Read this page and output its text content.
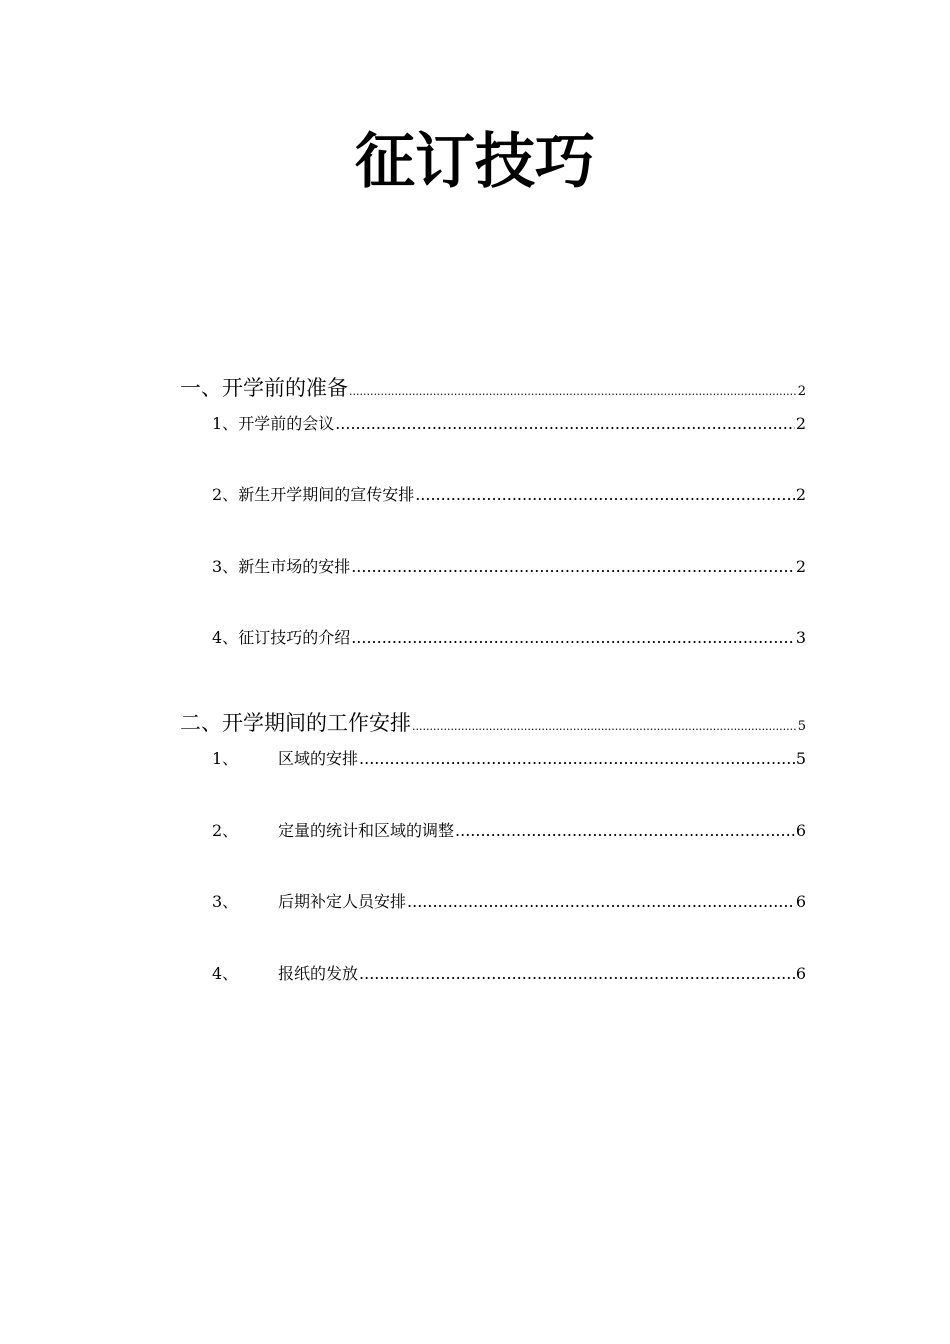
征订技巧
一、开学前的准备 .....	2
1、 开学前的会议 .....	2
2、 新生开学期间的宣传安排 .....	2
3、 新生市场的安排 .....	2
4、 征订技巧的介绍 .....	3
二、开学期间的工作安排 .....	5
1、	区域的安排 .....	5
2、	定量的统计和区域的调整 .....	6
3、	后期补定人员安排 .....	6
4、	报纸的发放 .....	6
